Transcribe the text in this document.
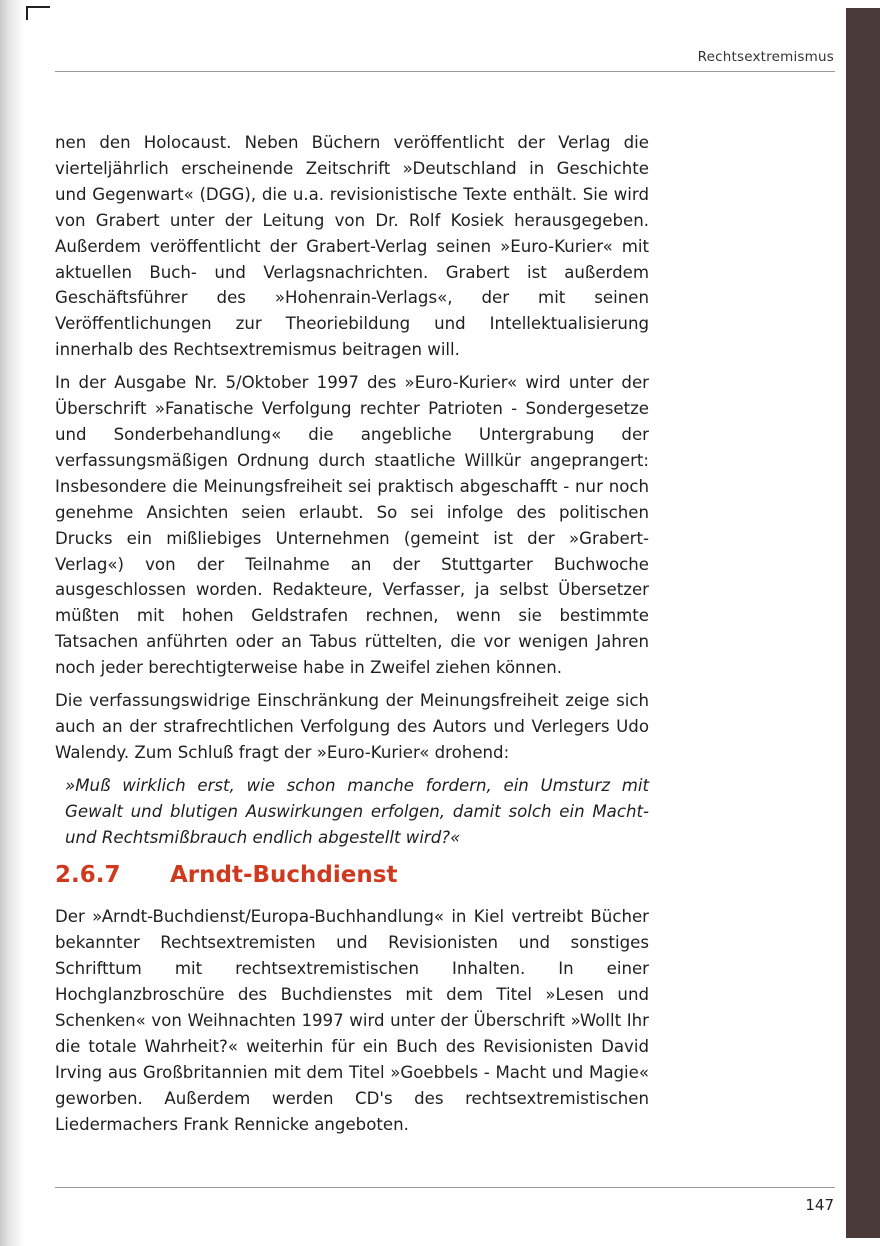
Rechtsextremismus

nen den Holocaust. Neben Büchern veröffentlicht der Verlag die vierteljährlich erscheinende Zeitschrift »Deutschland in Geschichte und Gegenwart« (DGG), die u.a. revisionistische Texte enthält. Sie wird von Grabert unter der Leitung von Dr. Rolf Kosiek herausgegeben. Außerdem veröffentlicht der Grabert-Verlag seinen »Euro-Kurier« mit aktuellen Buch- und Verlagsnachrichten. Grabert ist außerdem Geschäftsführer des »Hohenrain-Verlags«, der mit seinen Veröffentlichungen zur Theoriebildung und Intellektualisierung innerhalb des Rechtsextremismus beitragen will.

In der Ausgabe Nr. 5/Oktober 1997 des »Euro-Kurier« wird unter der Überschrift »Fanatische Verfolgung rechter Patrioten - Sondergesetze und Sonderbehandlung« die angebliche Untergrabung der verfassungsmäßigen Ordnung durch staatliche Willkür angeprangert: Insbesondere die Meinungsfreiheit sei praktisch abgeschafft - nur noch genehme Ansichten seien erlaubt. So sei infolge des politischen Drucks ein mißliebiges Unternehmen (gemeint ist der »Grabert-Verlag«) von der Teilnahme an der Stuttgarter Buchwoche ausgeschlossen worden. Redakteure, Verfasser, ja selbst Übersetzer müßten mit hohen Geldstrafen rechnen, wenn sie bestimmte Tatsachen anführten oder an Tabus rüttelten, die vor wenigen Jahren noch jeder berechtigterweise habe in Zweifel ziehen können.

Die verfassungswidrige Einschränkung der Meinungsfreiheit zeige sich auch an der strafrechtlichen Verfolgung des Autors und Verlegers Udo Walendy. Zum Schluß fragt der »Euro-Kurier« drohend:

»Muß wirklich erst, wie schon manche fordern, ein Umsturz mit Gewalt und blutigen Auswirkungen erfolgen, damit solch ein Macht- und Rechtsmißbrauch endlich abgestellt wird?«

2.6.7	Arndt-Buchdienst

Der »Arndt-Buchdienst/Europa-Buchhandlung« in Kiel vertreibt Bücher bekannter Rechtsextremisten und Revisionisten und sonstiges Schrifttum mit rechtsextremistischen Inhalten. In einer Hochglanzbroschüre des Buchdienstes mit dem Titel »Lesen und Schenken« von Weihnachten 1997 wird unter der Überschrift »Wollt Ihr die totale Wahrheit?« weiterhin für ein Buch des Revisionisten David Irving aus Großbritannien mit dem Titel »Goebbels - Macht und Magie« geworben. Außerdem werden CD's des rechtsextremistischen Liedermachers Frank Rennicke angeboten.

147
